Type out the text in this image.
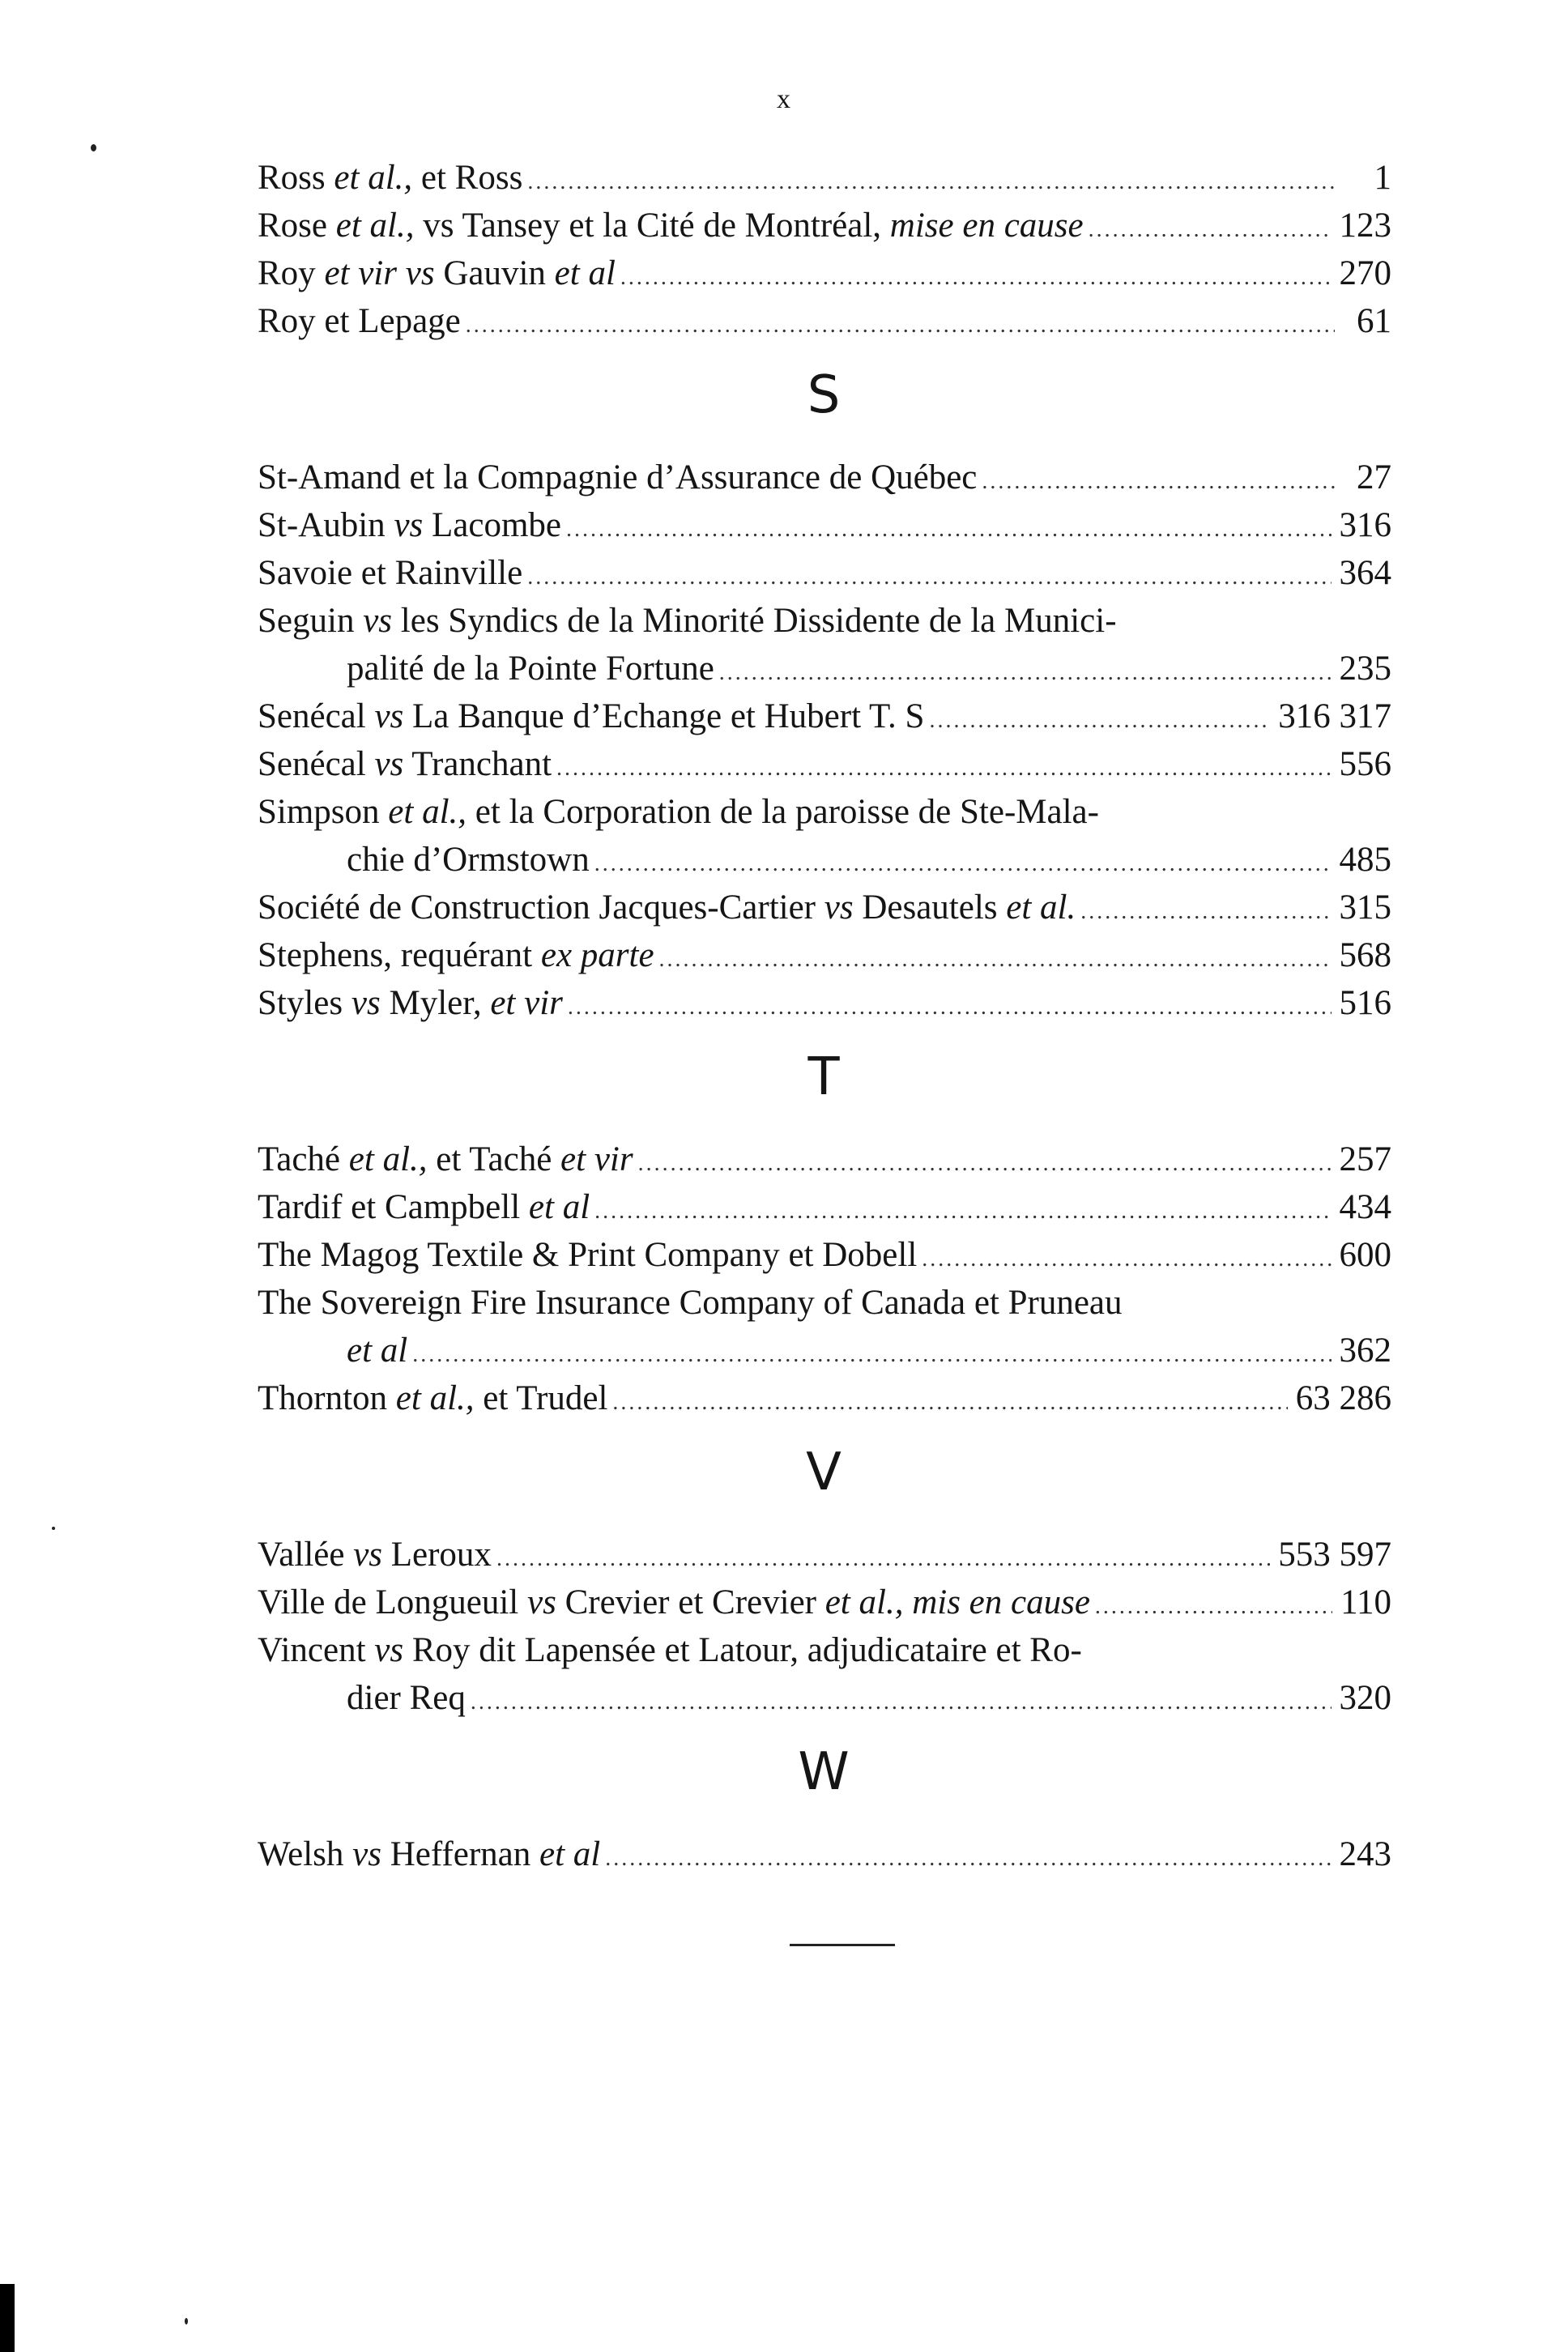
x
Ross et al., et Ross .....	1
Rose et al., vs Tansey et la Cité de Montréal, mise en cause .....	123
Roy et vir vs Gauvin et al .....	270
Roy et Lepage .....	61
S
St-Amand et la Compagnie d’Assurance de Québec .....	27
St-Aubin vs Lacombe .....	316
Savoie et Rainville .....	364
Seguin vs les Syndics de la Minorité Dissidente de la Munici-
palité de la Pointe Fortune .....	235
Senécal vs La Banque d’Echange et Hubert T. S .....	316 317
Senécal vs Tranchant .....	556
Simpson et al., et la Corporation de la paroisse de Ste-Mala-
chie d’Ormstown .....	485
Société de Construction Jacques-Cartier vs Desautels et al. .....	315
Stephens, requérant ex parte .....	568
Styles vs Myler, et vir .....	516
T
Taché et al., et Taché et vir .....	257
Tardif et Campbell et al .....	434
The Magog Textile & Print Company et Dobell .....	600
The Sovereign Fire Insurance Company of Canada et Pruneau
et al .....	362
Thornton et al., et Trudel .....	63 286
V
Vallée vs Leroux .....	553 597
Ville de Longueuil vs Crevier et Crevier et al., mis en cause .....	110
Vincent vs Roy dit Lapensée et Latour, adjudicataire et Ro-
dier Req .....	320
W
Welsh vs Heffernan et al .....	243
